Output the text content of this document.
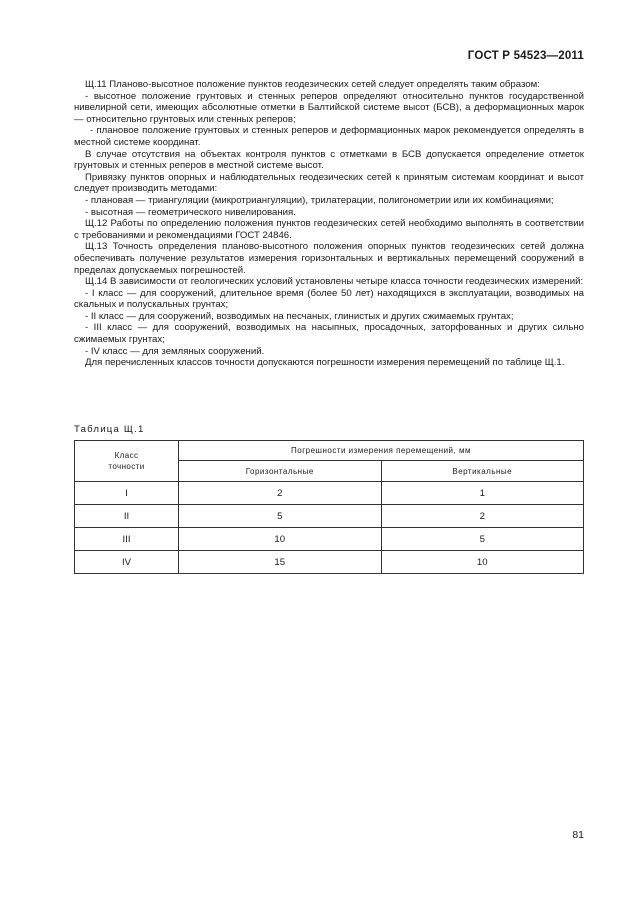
ГОСТ Р 54523—2011

Щ.11 Планово-высотное положение пунктов геодезических сетей следует определять таким образом:

- высотное положение грунтовых и стенных реперов определяют относительно пунктов государственной нивелирной сети, имеющих абсолютные отметки в Балтийской системе высот (БСВ), а деформационных марок — относительно грунтовых или стенных реперов;

- плановое положение грунтовых и стенных реперов и деформационных марок рекомендуется определять в местной системе координат.

В случае отсутствия на объектах контроля пунктов с отметками в БСВ допускается определение отметок грунтовых и стенных реперов в местной системе высот.

Привязку пунктов опорных и наблюдательных геодезических сетей к принятым системам координат и высот следует производить методами:

- плановая — триангуляции (микротриангуляции), трилатерации, полигонометрии или их комбинациями;

- высотная — геометрического нивелирования.

Щ.12 Работы по определению положения пунктов геодезических сетей необходимо выполнять в соответствии с требованиями и рекомендациями ГОСТ 24846.

Щ.13 Точность определения планово-высотного положения опорных пунктов геодезических сетей должна обеспечивать получение результатов измерения горизонтальных и вертикальных перемещений сооружений в пределах допускаемых погрешностей.

Щ.14 В зависимости от геологических условий установлены четыре класса точности геодезических измерений:

- I класс — для сооружений, длительное время (более 50 лет) находящихся в эксплуатации, возводимых на скальных и полускальных грунтах;

- II класс — для сооружений, возводимых на песчаных, глинистых и других сжимаемых грунтах;

- III класс — для сооружений, возводимых на насыпных, просадочных, заторфованных и других сильно сжимаемых грунтах;

- IV класс — для земляных сооружений.

Для перечисленных классов точности допускаются погрешности измерения перемещений по таблице Щ.1.

Таблица Щ.1
Класс
точности	Погрешности измерения перемещений, мм	
	Горизонтальные	Вертикальные
I	2	1
II	5	2
III	10	5
IV	15	10
81
